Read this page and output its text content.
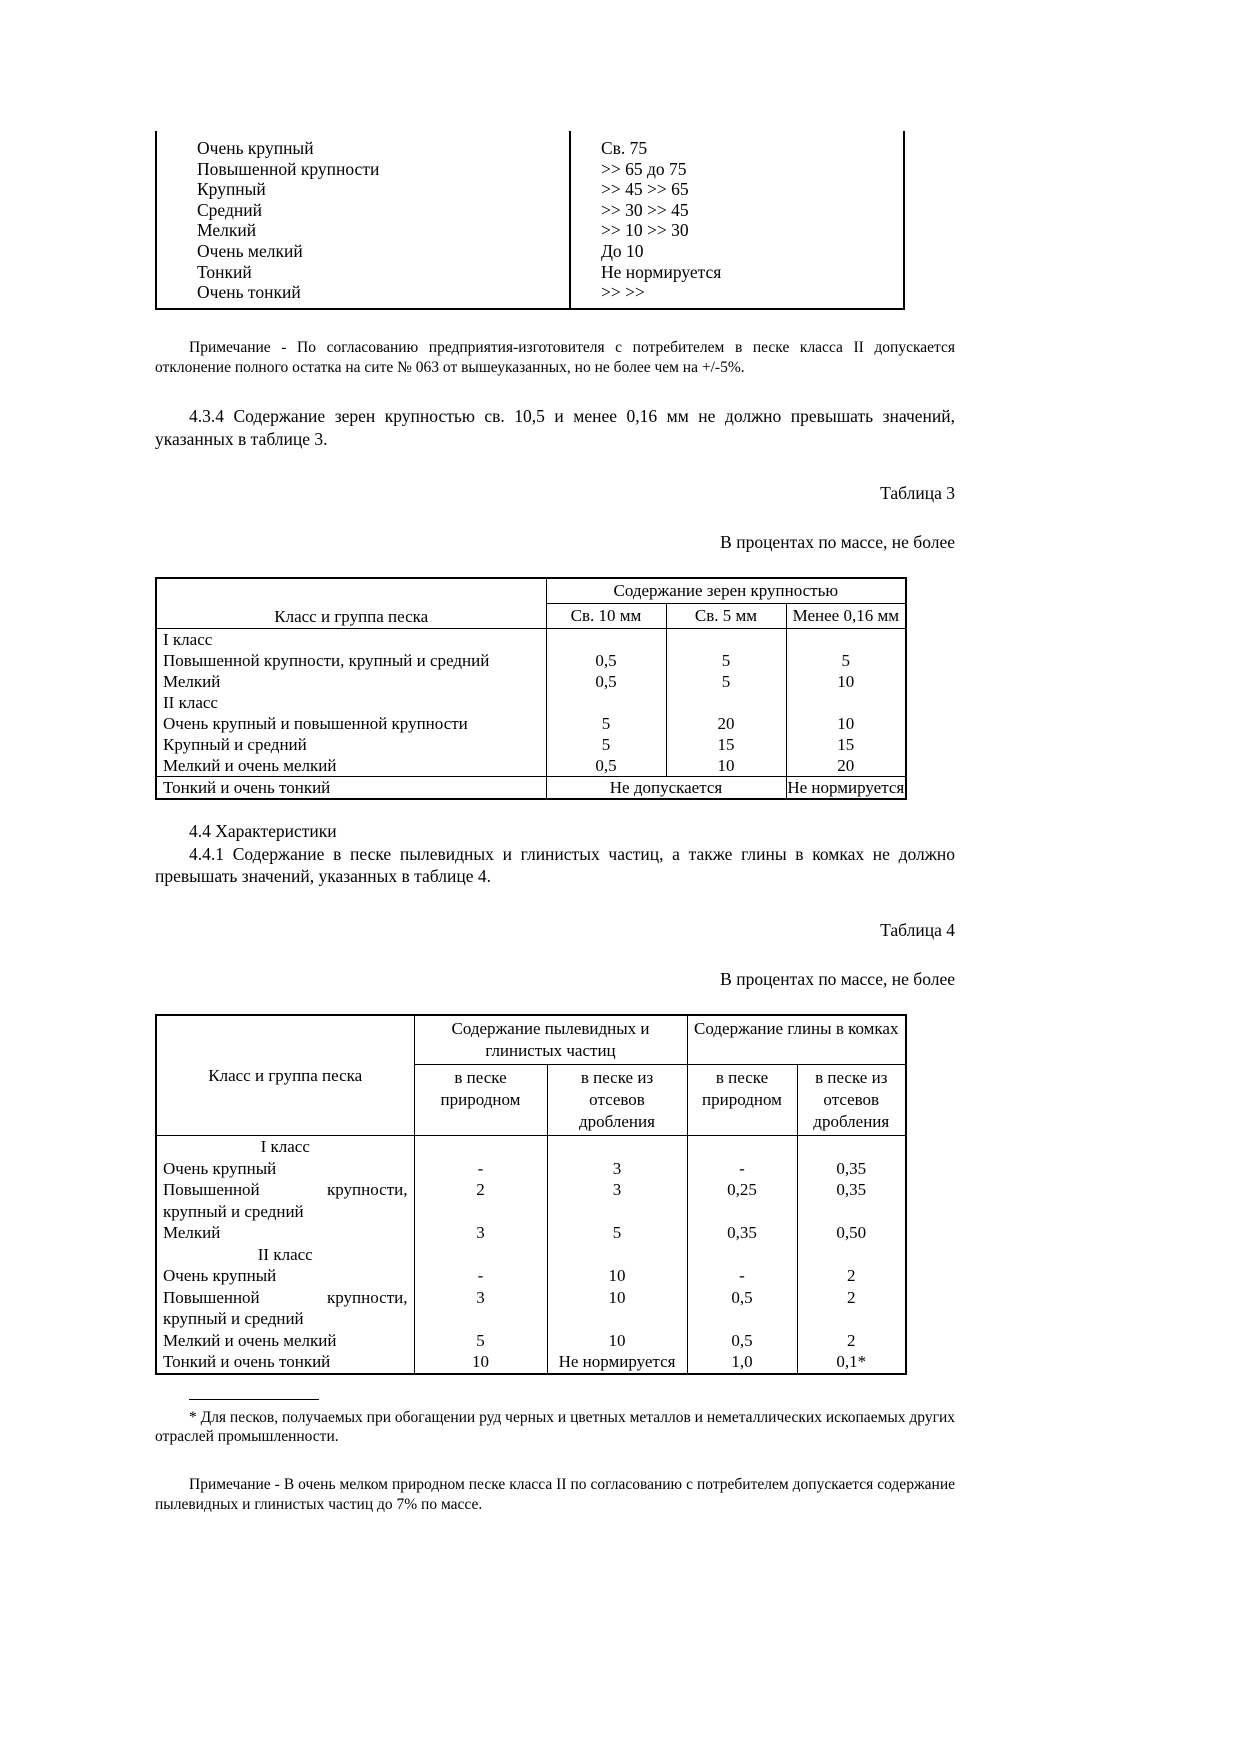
Очень крупный	Св. 75
Повышенной крупности	>> 65 до 75
Крупный	>> 45 >> 65
Средний	>> 30 >> 45
Мелкий	>> 10 >> 30
Очень мелкий	До 10
Тонкий	Не нормируется
Очень тонкий	>> >>

Примечание - По согласованию предприятия-изготовителя с потребителем в песке класса II допускается отклонение полного остатка на сите № 063 от вышеуказанных, но не более чем на +/-5%.

4.3.4 Содержание зерен крупностью св. 10,5 и менее 0,16 мм не должно превышать значений, указанных в таблице 3.

Таблица 3

В процентах по массе, не более

Класс и группа песка	Содержание зерен крупностью		
	Св. 10 мм	Св. 5 мм	Менее 0,16 мм
I класс			
Повышенной крупности, крупный и средний	0,5	5	5
Мелкий	0,5	5	10
II класс			
Очень крупный и повышенной крупности	5	20	10
Крупный и средний	5	15	15
Мелкий и очень мелкий	0,5	10	20
Тонкий и очень тонкий	Не допускается		Не нормируется

4.4 Характеристики

4.4.1 Содержание в песке пылевидных и глинистых частиц, а также глины в комках не должно превышать значений, указанных в таблице 4.

Таблица 4

В процентах по массе, не более

Класс и группа песка	Содержание пылевидных и глинистых частиц		Содержание глины в комках	
	в песке природном	в песке из отсевов дробления	в песке природном	в песке из отсевов дробления
I класс				
Очень крупный	-	3	-	0,35

Повышенной крупности,
крупный и средний	2	3	0,25	0,35
Мелкий	3	5	0,35	0,50
II класс				
Очень крупный	-	10	-	2

Повышенной крупности,
крупный и средний	3	10	0,5	2
Мелкий и очень мелкий	5	10	0,5	2
Тонкий и очень тонкий	10	Не нормируется	1,0	0,1*

* Для песков, получаемых при обогащении руд черных и цветных металлов и неметаллических ископаемых других отраслей промышленности.

Примечание - В очень мелком природном песке класса II по согласованию с потребителем допускается содержание пылевидных и глинистых частиц до 7% по массе.
